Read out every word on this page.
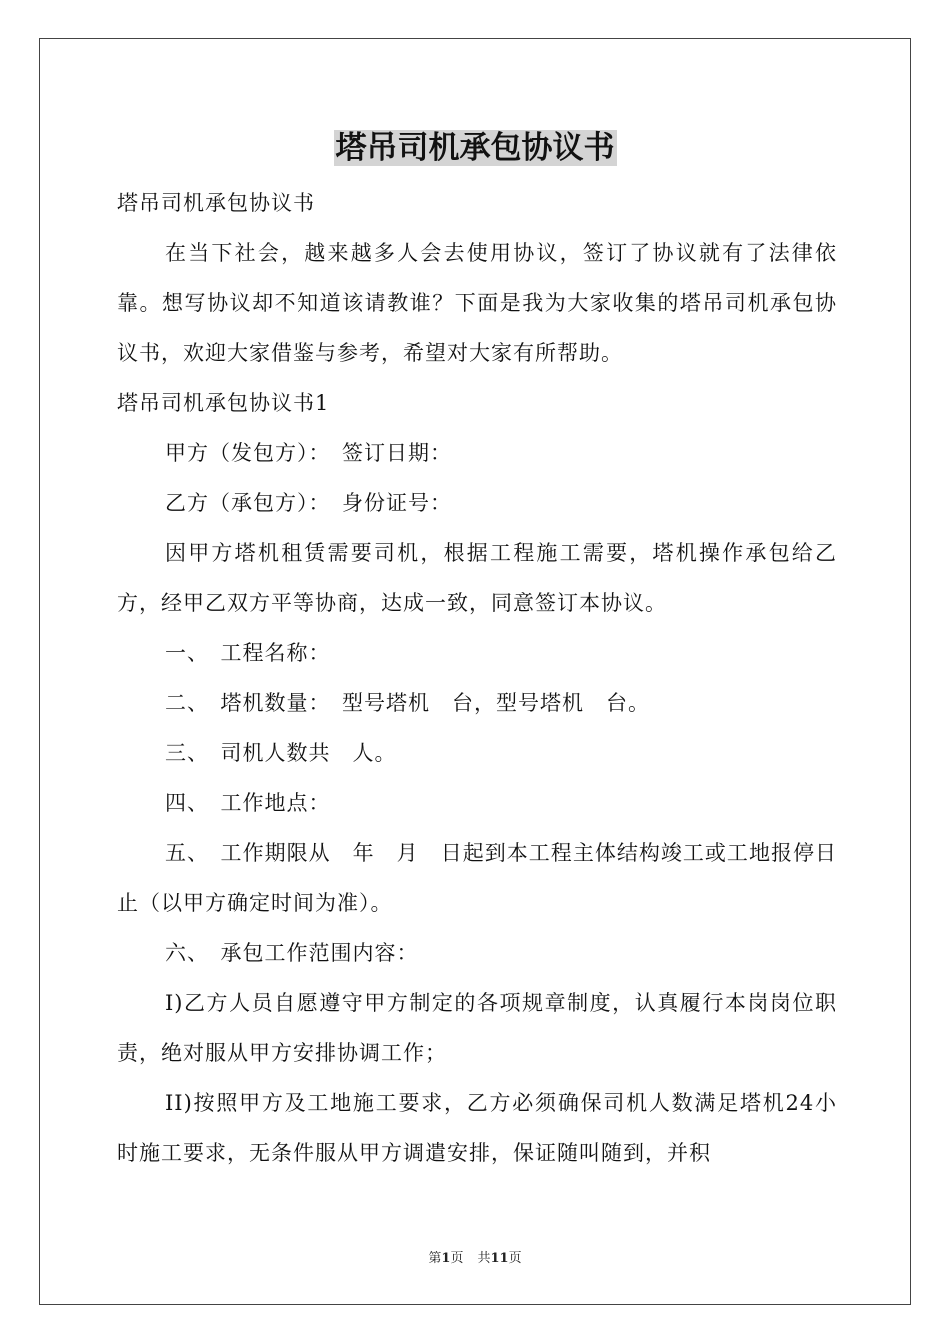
塔吊司机承包协议书

塔吊司机承包协议书

在当下社会，越来越多人会去使用协议，签订了协议就有了法律依靠。想写协议却不知道该请教谁？下面是我为大家收集的塔吊司机承包协议书，欢迎大家借鉴与参考，希望对大家有所帮助。

塔吊司机承包协议书1

甲方（发包方）：　签订日期：

乙方（承包方）：　身份证号：

因甲方塔机租赁需要司机，根据工程施工需要，塔机操作承包给乙方，经甲乙双方平等协商，达成一致，同意签订本协议。

一、　工程名称：

二、　塔机数量：　型号塔机　台，型号塔机　台。

三、　司机人数共　人。

四、　工作地点：

五、　工作期限从　年　月　日起到本工程主体结构竣工或工地报停日止（以甲方确定时间为准）。

六、　承包工作范围内容：

I)乙方人员自愿遵守甲方制定的各项规章制度，认真履行本岗岗位职责，绝对服从甲方安排协调工作；

II)按照甲方及工地施工要求，乙方必须确保司机人数满足塔机24小时施工要求，无条件服从甲方调遣安排，保证随叫随到，并积

第1页 共11页
